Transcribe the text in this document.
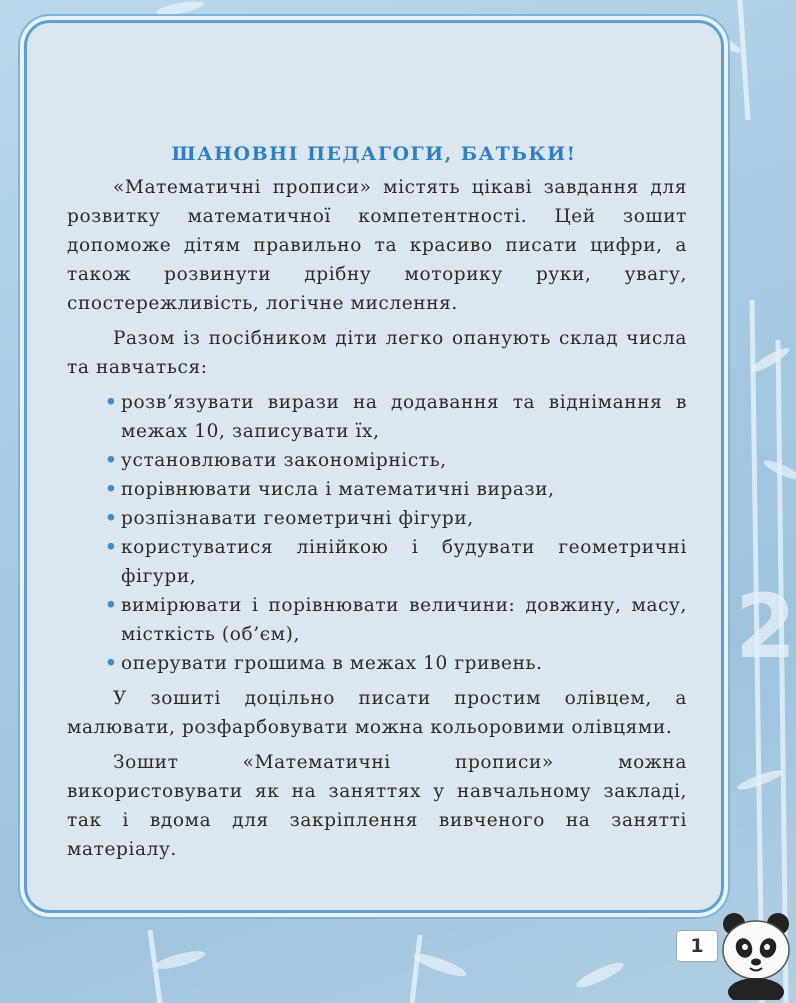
2
ШАНОВНІ ПЕДАГОГИ, БАТЬКИ!

«Математичні прописи» містять цікаві завдання для розвитку математичної компетентності. Цей зошит допоможе дітям правильно та красиво писати цифри, а також розвинути дрібну моторику руки, увагу, спостережливість, логічне мислення.

Разом із посібником діти легко опанують склад числа та навчаться:

• розв’язувати вирази на додавання та віднімання в межах 10, записувати їх,
• установлювати закономірність,
• порівнювати числа і математичні вирази,
• розпізнавати геометричні фігури,
• користуватися лінійкою і будувати геометричні фігури,
• вимірювати і порівнювати величини: довжину, масу, місткість (об’єм),
• оперувати грошима в межах 10 гривень.

У зошиті доцільно писати простим олівцем, а малювати, розфарбовувати можна кольоровими олівцями.

Зошит «Математичні прописи» можна використовувати як на заняттях у навчальному закладі, так і вдома для закріплення вивченого на занятті матеріалу.

1
